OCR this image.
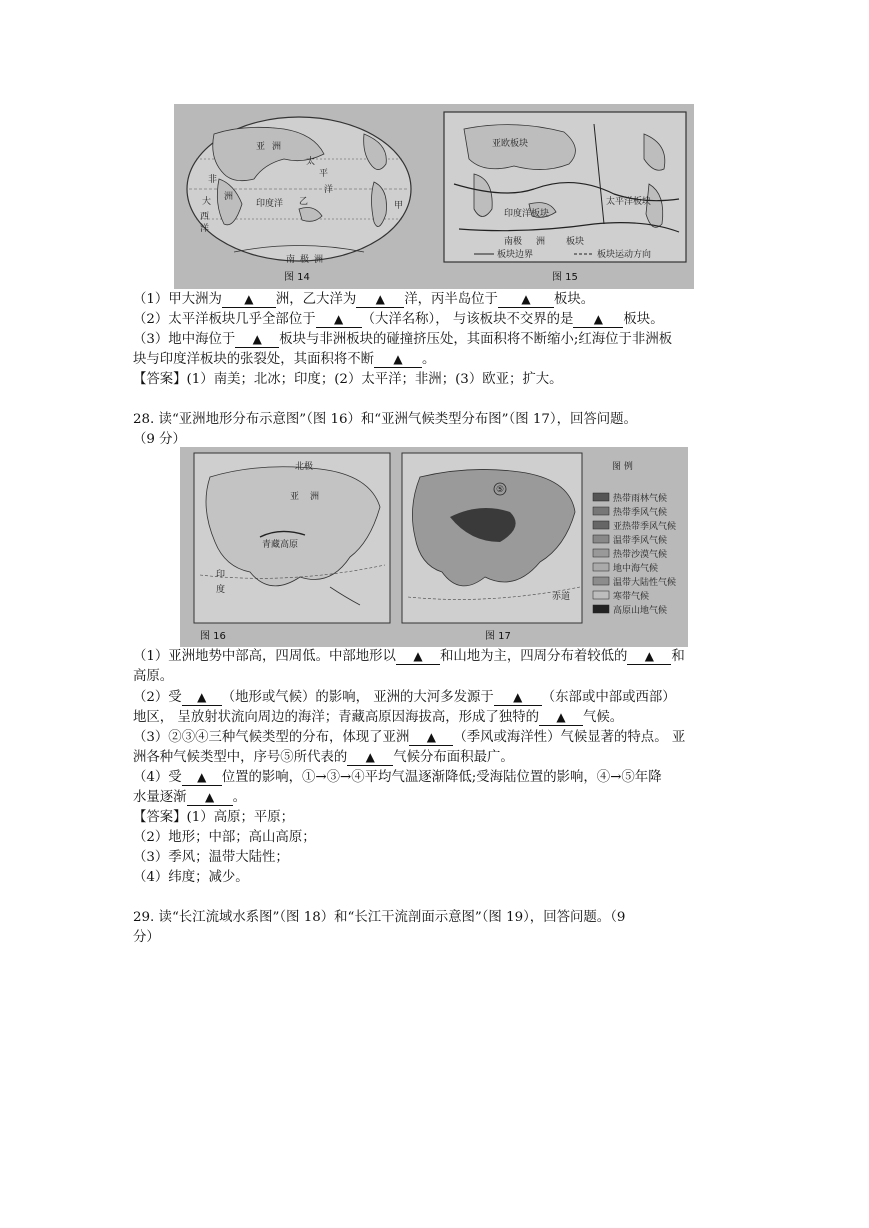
亚 洲
太
平
洋
非
大 洲
西
洋
印度洋 乙	甲
南 极 洲
图 14
亚欧板块
太平洋板块
印度洋板块
南极 洲 板块
板块边界	板块运动方向
图 15
（1）甲大洲为 ▲ 洲，乙大洋为 ▲ 洋，丙半岛位于 ▲ 板块。
（2）太平洋板块几乎全部位于 ▲ （大洋名称）， 与该板块不交界的是 ▲ 板块。
（3）地中海位于 ▲ 板块与非洲板块的碰撞挤压处，其面积将不断缩小;红海位于非洲板
块与印度洋板块的张裂处，其面积将不断 ▲ 。
【答案】(1）南美；北冰；印度；(2）太平洋；非洲；(3）欧亚；扩大。
28. 读“亚洲地形分布示意图”（图 16）和“亚洲气候类型分布图”（图 17），回答问题。
（9 分）
北极
亚 洲
青藏高原
印
度
图 16
⑤
赤道
图 17
图 例
热带雨林气候
热带季风气候
亚热带季风气候
温带季风气候
热带沙漠气候
地中海气候
温带大陆性气候
寒带气候
高原山地气候
（1）亚洲地势中部高，四周低。中部地形以 ▲ 和山地为主，四周分布着较低的 ▲ 和
高原。
（2）受 ▲ （地形或气候）的影响， 亚洲的大河多发源于 ▲ （东部或中部或西部）
地区， 呈放射状流向周边的海洋；青藏高原因海拔高，形成了独特的 ▲ 气候。
（3）②③④三种气候类型的分布，体现了亚洲 ▲ （季风或海洋性）气候显著的特点。 亚
洲各种气候类型中，序号⑤所代表的 ▲ 气候分布面积最广。
（4）受 ▲ 位置的影响，①→③→④平均气温逐渐降低;受海陆位置的影响，④→⑤年降
水量逐渐 ▲ 。
【答案】(1）高原；平原；
（2）地形；中部；高山高原；
（3）季风；温带大陆性；
（4）纬度；减少。
29. 读“长江流域水系图”（图 18）和“长江干流剖面示意图”（图 19），回答问题。（9
分）
